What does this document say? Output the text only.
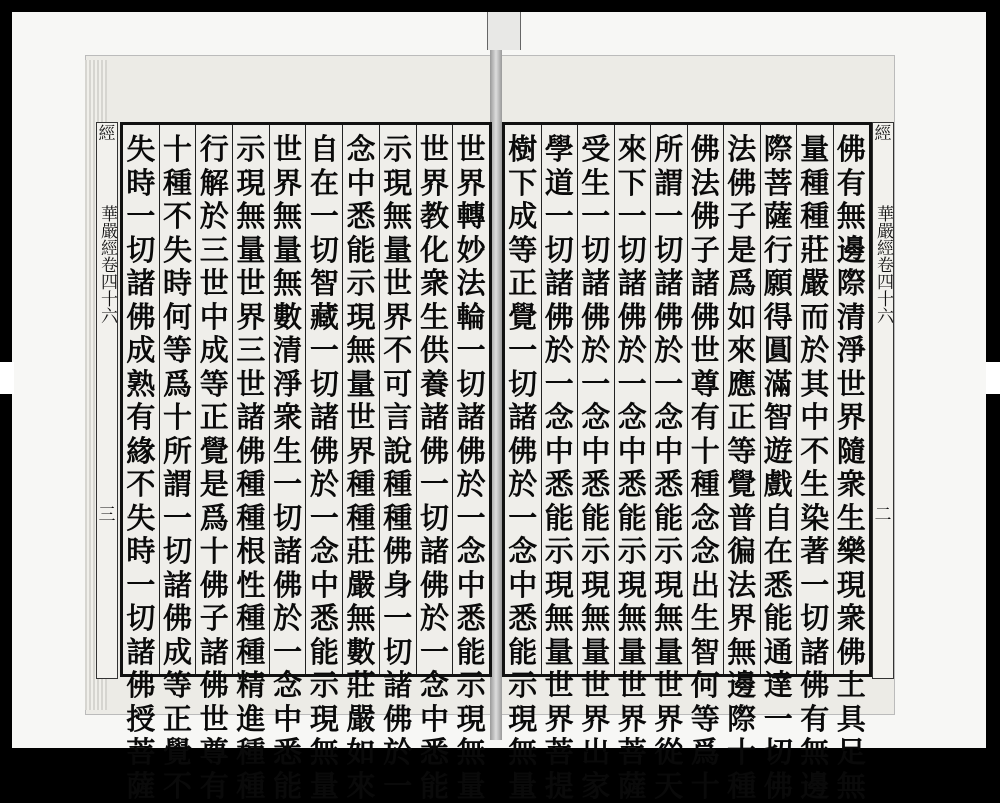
經
華嚴經卷四十六
三
經
華嚴經卷四十六
二
佛
有
無
邊
際
清
淨
世
界
隨
衆
生
樂
現
衆
佛
土
具
足
無
量
種
種
莊
嚴
而
於
其
中
不
生
染
著
一
切
諸
佛
有
無
邊
際
菩
薩
行
願
得
圓
滿
智
遊
戲
自
在
悉
能
通
達
一
切
佛
法
佛
子
是
爲
如
來
應
正
等
覺
普
徧
法
界
無
邊
際
十
種
佛
法
佛
子
諸
佛
世
尊
有
十
種
念
念
出
生
智
何
等
爲
十
所
謂
一
切
諸
佛
於
一
念
中
悉
能
示
現
無
量
世
界
從
天
來
下
一
切
諸
佛
於
一
念
中
悉
能
示
現
無
量
世
界
菩
薩
受
生
一
切
諸
佛
於
一
念
中
悉
能
示
現
無
量
世
界
出
家
學
道
一
切
諸
佛
於
一
念
中
悉
能
示
現
無
量
世
界
菩
提
樹
下
成
等
正
覺
一
切
諸
佛
於
一
念
中
悉
能
示
現
無
量
世
界
轉
妙
法
輪
一
切
諸
佛
於
一
念
中
悉
能
示
現
無
量
世
界
教
化
衆
生
供
養
諸
佛
一
切
諸
佛
於
一
念
中
悉
能
示
現
無
量
世
界
不
可
言
說
種
種
佛
身
一
切
諸
佛
於
一
念
中
悉
能
示
現
無
量
世
界
種
種
莊
嚴
無
數
莊
嚴
如
來
自
在
一
切
智
藏
一
切
諸
佛
於
一
念
中
悉
能
示
現
無
量
世
界
無
量
無
數
清
淨
衆
生
一
切
諸
佛
於
一
念
中
悉
能
示
現
無
量
世
界
三
世
諸
佛
種
種
根
性
種
種
精
進
種
種
行
解
於
三
世
中
成
等
正
覺
是
爲
十
佛
子
諸
佛
世
尊
有
十
種
不
失
時
何
等
爲
十
所
謂
一
切
諸
佛
成
等
正
覺
不
失
時
一
切
諸
佛
成
熟
有
緣
不
失
時
一
切
諸
佛
授
菩
薩
